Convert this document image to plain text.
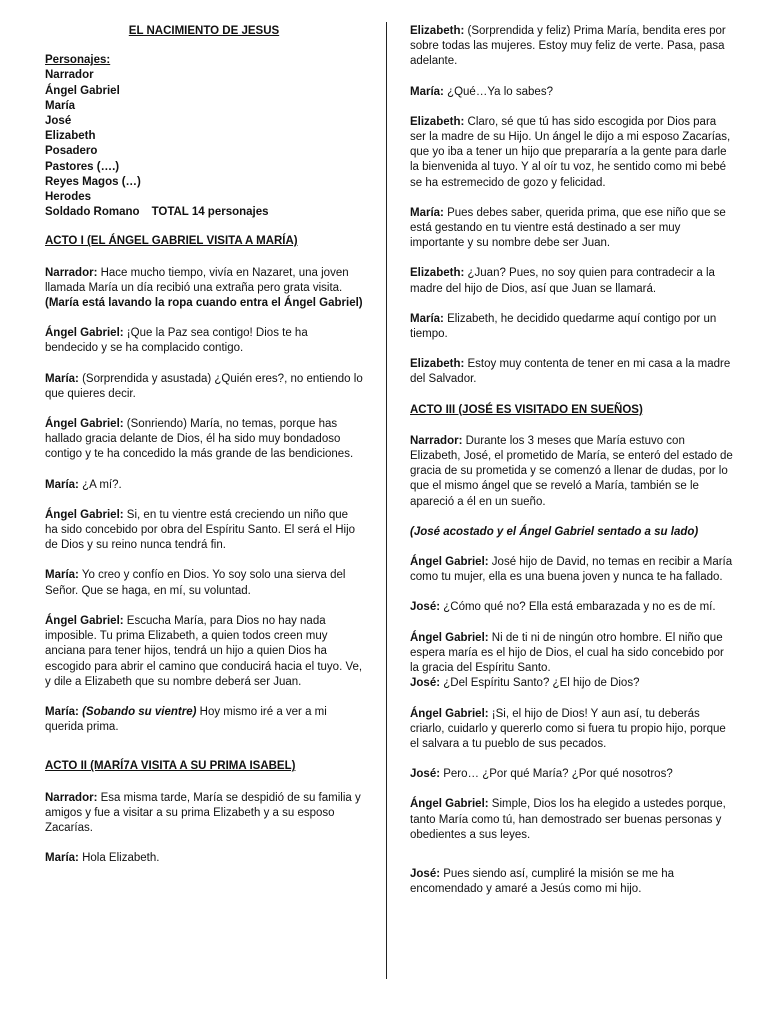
EL NACIMIENTO DE JESUS

Personajes:

Narrador
Ángel Gabriel
María
José
Elizabeth
Posadero
Pastores (….)
Reyes Magos (…)
Herodes
Soldado Romano TOTAL 14 personajes
ACTO I (EL ÁNGEL GABRIEL VISITA A MARÍA)

Narrador: Hace mucho tiempo, vivía en Nazaret, una joven llamada María un día recibió una extraña pero grata visita.
(María está lavando la ropa cuando entra el Ángel Gabriel)

Ángel Gabriel: ¡Que la Paz sea contigo! Dios te ha bendecido y se ha complacido contigo.

María: (Sorprendida y asustada) ¿Quién eres?, no entiendo lo que quieres decir.

Ángel Gabriel: (Sonriendo) María, no temas, porque has hallado gracia delante de Dios, él ha sido muy bondadoso contigo y te ha concedido la más grande de las bendiciones.

María: ¿A mí?.

Ángel Gabriel: Si, en tu vientre está creciendo un niño que ha sido concebido por obra del Espíritu Santo. El será el Hijo de Dios y su reino nunca tendrá fin.

María: Yo creo y confío en Dios. Yo soy solo una sierva del Señor. Que se haga, en mí, su voluntad.

Ángel Gabriel: Escucha María, para Dios no hay nada imposible. Tu prima Elizabeth, a quien todos creen muy anciana para tener hijos, tendrá un hijo a quien Dios ha escogido para abrir el camino que conducirá hacia el tuyo. Ve, y dile a Elizabeth que su nombre deberá ser Juan.

María: (Sobando su vientre) Hoy mismo iré a ver a mi querida prima.

ACTO II (MARÍ7A VISITA A SU PRIMA ISABEL)

Narrador: Esa misma tarde, María se despidió de su familia y amigos y fue a visitar a su prima Elizabeth y a su esposo Zacarías.

María: Hola Elizabeth.

Elizabeth: (Sorprendida y feliz) Prima María, bendita eres por sobre todas las mujeres. Estoy muy feliz de verte. Pasa, pasa adelante.

María: ¿Qué…Ya lo sabes?

Elizabeth: Claro, sé que tú has sido escogida por Dios para ser la madre de su Hijo. Un ángel le dijo a mi esposo Zacarías, que yo iba a tener un hijo que prepararía a la gente para darle la bienvenida al tuyo. Y al oír tu voz, he sentido como mi bebé se ha estremecido de gozo y felicidad.

María: Pues debes saber, querida prima, que ese niño que se está gestando en tu vientre está destinado a ser muy importante y su nombre debe ser Juan.

Elizabeth: ¿Juan? Pues, no soy quien para contradecir a la madre del hijo de Dios, así que Juan se llamará.

María: Elizabeth, he decidido quedarme aquí contigo por un tiempo.

Elizabeth: Estoy muy contenta de tener en mi casa a la madre del Salvador.

ACTO III (JOSÉ ES VISITADO EN SUEÑOS)

Narrador: Durante los 3 meses que María estuvo con Elizabeth, José, el prometido de María, se enteró del estado de gracia de su prometida y se comenzó a llenar de dudas, por lo que el mismo ángel que se reveló a María, también se le apareció a él en un sueño.

(José acostado y el Ángel Gabriel sentado a su lado)

Ángel Gabriel: José hijo de David, no temas en recibir a María como tu mujer, ella es una buena joven y nunca te ha fallado.

José: ¿Cómo qué no? Ella está embarazada y no es de mí.

Ángel Gabriel: Ni de ti ni de ningún otro hombre. El niño que espera maría es el hijo de Dios, el cual ha sido concebido por la gracia del Espíritu Santo.
José: ¿Del Espíritu Santo? ¿El hijo de Dios?

Ángel Gabriel: ¡Si, el hijo de Dios! Y aun así, tu deberás criarlo, cuidarlo y quererlo como si fuera tu propio hijo, porque el salvara a tu pueblo de sus pecados.

José: Pero… ¿Por qué María? ¿Por qué nosotros?

Ángel Gabriel: Simple, Dios los ha elegido a ustedes porque, tanto María como tú, han demostrado ser buenas personas y obedientes a sus leyes.

José: Pues siendo así, cumpliré la misión se me ha encomendado y amaré a Jesús como mi hijo.
